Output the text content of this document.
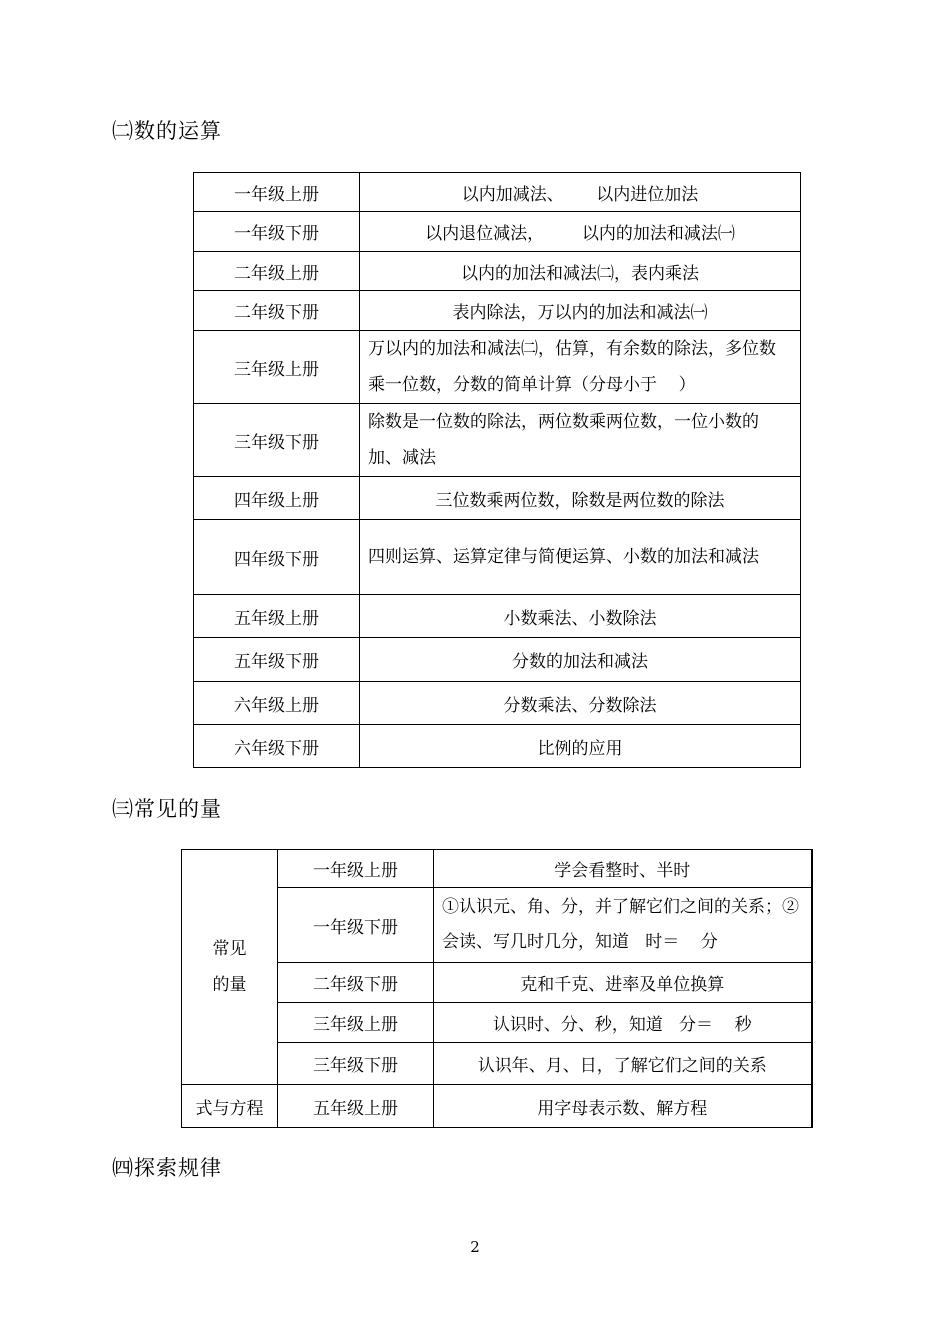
㈡数的运算
一年级上册	以内加减法、      以内进位加法
一年级下册	以内退位减法，       以内的加法和减法㈠
二年级上册	以内的加法和减法㈡，表内乘法
二年级下册	表内除法，万以内的加法和减法㈠
三年级上册	万以内的加法和减法㈡，估算，有余数的除法，多位数乘一位数，分数的简单计算（分母小于    ）
三年级下册	除数是一位数的除法，两位数乘两位数，一位小数的加、减法
四年级上册	三位数乘两位数，除数是两位数的除法
四年级下册	四则运算、运算定律与简便运算、小数的加法和减法
五年级上册	小数乘法、小数除法
五年级下册	分数的加法和减法
六年级上册	分数乘法、分数除法
六年级下册	比例的应用
㈢常见的量
常见的量	一年级上册	学会看整时、半时
	一年级下册	①认识元、角、分，并了解它们之间的关系；②会读、写几时几分，知道   时＝    分
	二年级下册	克和千克、进率及单位换算
	三年级上册	认识时、分、秒，知道   分＝    秒
	三年级下册	认识年、月、日，了解它们之间的关系
式与方程	五年级上册	用字母表示数、解方程
㈣探索规律
2
